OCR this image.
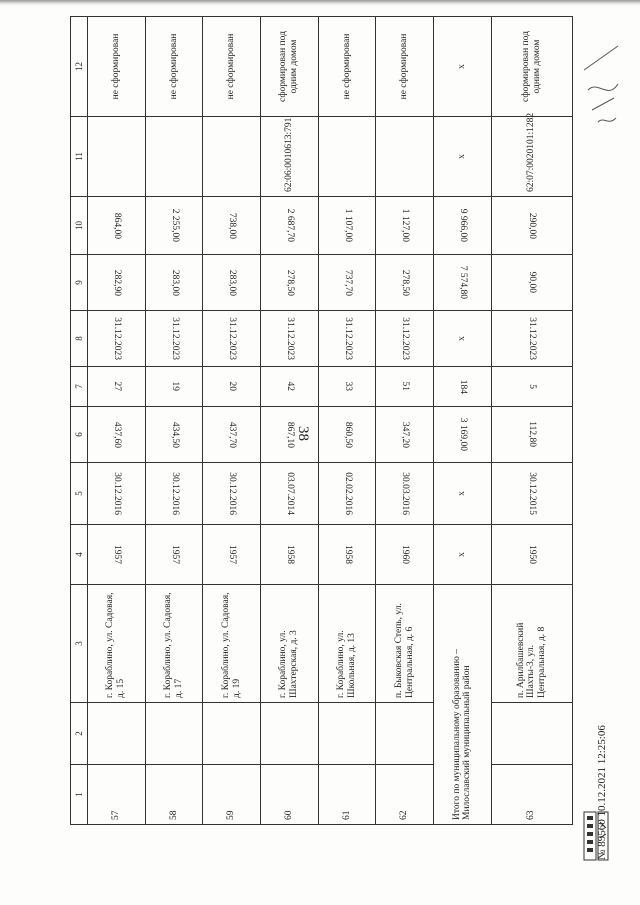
38
1	2	3	4	5	6	7	8	9	10	11	12
57		г. Кораблино, ул. Садовая, д. 15	1957	30.12.2016	437,60	27	31.12.2023	282,90	864,00		не сформирован
58		г. Кораблино, ул. Садовая, д. 17	1957	30.12.2016	434,50	19	31.12.2023	283,00	2 255,00		не сформирован
59		г. Кораблино, ул. Садовая, д. 19	1957	30.12.2016	437,70	20	31.12.2023	283,00	738,00		не сформирован
60		г. Кораблино, ул. Шахтерская, д. 3	1958	03.07.2014	867,10	42	31.12.2023	278,50	2 687,70	62:06:0010613:791	сформирован под одним домом
61		г. Кораблино, ул. Школьная, д. 13	1958	02.02.2016	860,50	33	31.12.2023	737,70	1 107,00		не сформирован
62		п. Быковская Степь, ул. Центральная, д. 6	1960	30.03.2016	347,20	51	31.12.2023	278,50	1 127,00		не сформирован
Итого по муниципальному образованию – Милославский муниципальный район			х	х	3 169,00	184	х	7 574,80	9 966,00	х	х
63		п. Арилбашевский Шахты-3, ул. Центральная, д. 8	1950	30.12.2015	112,80	5	31.12.2023	90,00	290,00	62:07:0020101:1282	сформирован под одним домом
№ 89560 10.12.2021 12:25:06
